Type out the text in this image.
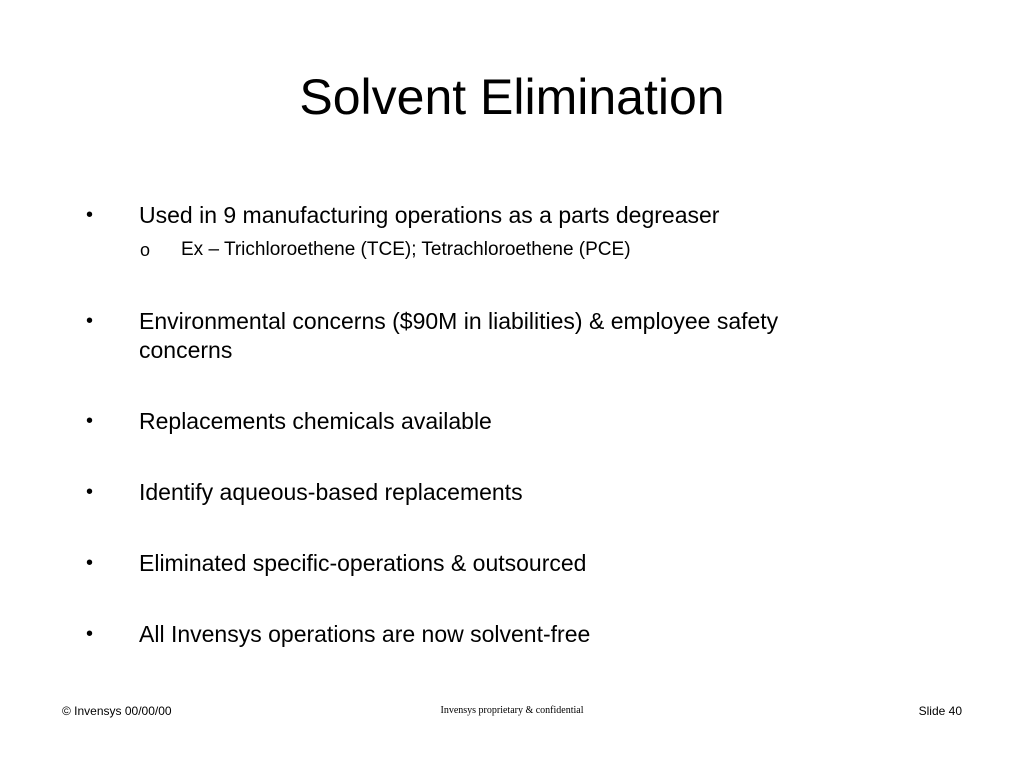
Solvent Elimination
•	Used in 9 manufacturing operations as a parts degreaser
o Ex – Trichloroethene (TCE); Tetrachloroethene (PCE)
•	Environmental concerns ($90M in liabilities) & employee safety concerns
•	Replacements chemicals available
•	Identify aqueous-based replacements
•	Eliminated specific-operations & outsourced
•	All Invensys operations are now solvent-free
© Invensys 00/00/00	Invensys proprietary & confidential	Slide 40
